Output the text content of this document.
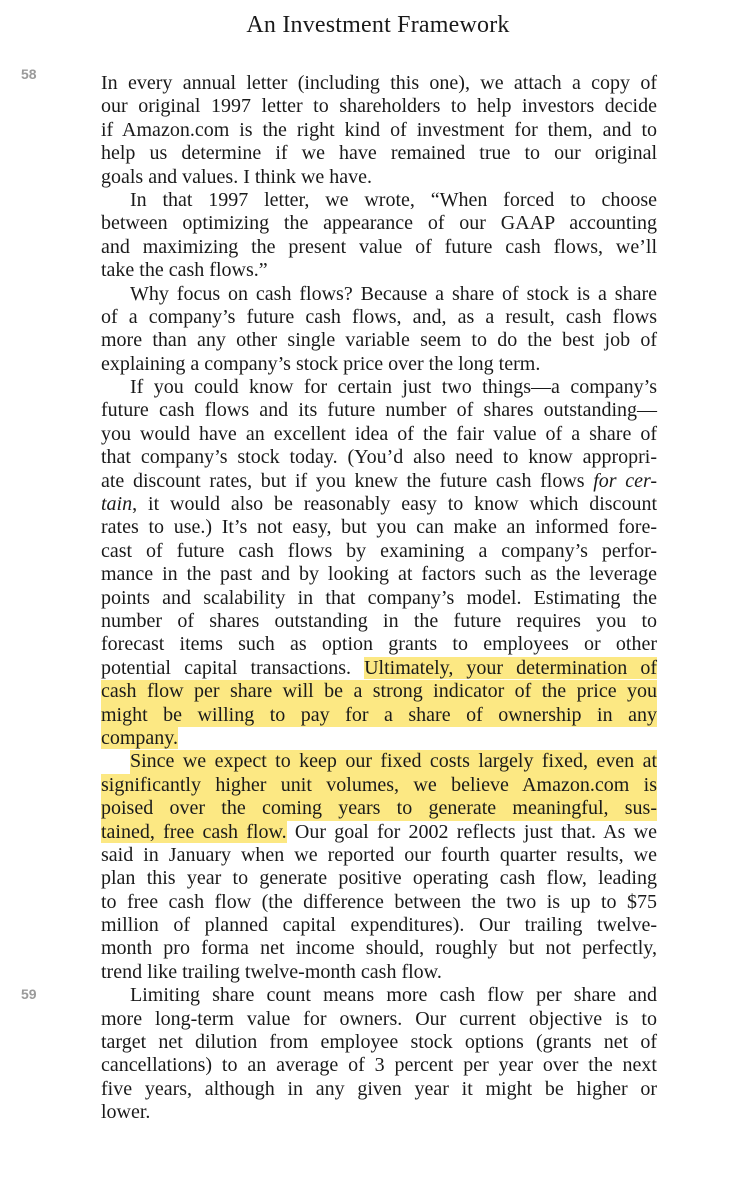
An Investment Framework
58
59
In every annual letter (including this one), we attach a copy of
our original 1997 letter to shareholders to help investors decide
if Amazon.com is the right kind of investment for them, and to
help us determine if we have remained true to our original
goals and values. I think we have.
In that 1997 letter, we wrote, “When forced to choose
between optimizing the appearance of our GAAP accounting
and maximizing the present value of future cash flows, we’ll
take the cash flows.”
Why focus on cash flows? Because a share of stock is a share
of a company’s future cash flows, and, as a result, cash flows
more than any other single variable seem to do the best job of
explaining a company’s stock price over the long term.
If you could know for certain just two things—a company’s
future cash flows and its future number of shares outstanding—
you would have an excellent idea of the fair value of a share of
that company’s stock today. (You’d also need to know appropri-
ate discount rates, but if you knew the future cash flows for cer-
tain, it would also be reasonably easy to know which discount
rates to use.) It’s not easy, but you can make an informed fore-
cast of future cash flows by examining a company’s perfor-
mance in the past and by looking at factors such as the leverage
points and scalability in that company’s model. Estimating the
number of shares outstanding in the future requires you to
forecast items such as option grants to employees or other
potential capital transactions. Ultimately, your determination of
cash flow per share will be a strong indicator of the price you
might be willing to pay for a share of ownership in any
company.
Since we expect to keep our fixed costs largely fixed, even at
significantly higher unit volumes, we believe Amazon.com is
poised over the coming years to generate meaningful, sus-
tained, free cash flow. Our goal for 2002 reflects just that. As we
said in January when we reported our fourth quarter results, we
plan this year to generate positive operating cash flow, leading
to free cash flow (the difference between the two is up to $75
million of planned capital expenditures). Our trailing twelve-
month pro forma net income should, roughly but not perfectly,
trend like trailing twelve-month cash flow.
Limiting share count means more cash flow per share and
more long-term value for owners. Our current objective is to
target net dilution from employee stock options (grants net of
cancellations) to an average of 3 percent per year over the next
five years, although in any given year it might be higher or
lower.
